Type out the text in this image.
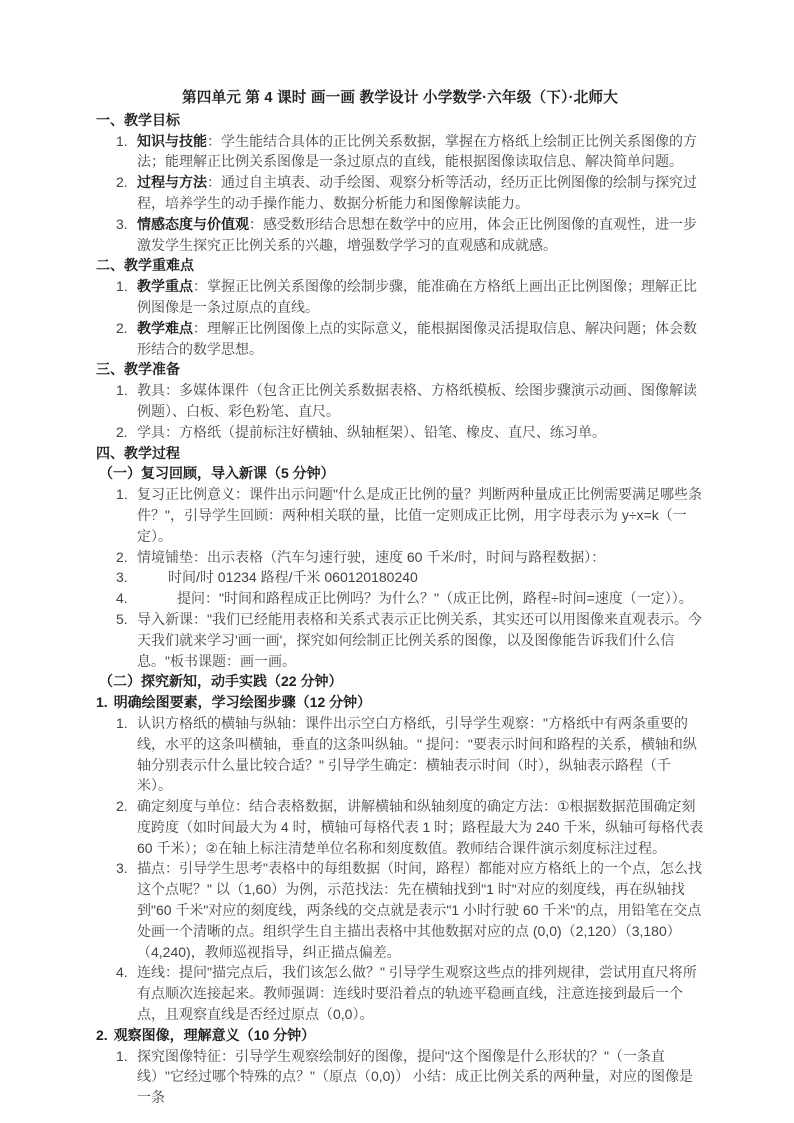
第四单元 第 4 课时 画一画 教学设计 小学数学·六年级（下）·北师大
一、教学目标
1. 知识与技能：学生能结合具体的正比例关系数据，掌握在方格纸上绘制正比例关系图像的方法；能理解正比例关系图像是一条过原点的直线，能根据图像读取信息、解决简单问题。
2. 过程与方法：通过自主填表、动手绘图、观察分析等活动，经历正比例图像的绘制与探究过程，培养学生的动手操作能力、数据分析能力和图像解读能力。
3. 情感态度与价值观：感受数形结合思想在数学中的应用，体会正比例图像的直观性，进一步激发学生探究正比例关系的兴趣，增强数学学习的直观感和成就感。
二、教学重难点
1. 教学重点：掌握正比例关系图像的绘制步骤，能准确在方格纸上画出正比例图像；理解正比例图像是一条过原点的直线。
2. 教学难点：理解正比例图像上点的实际意义，能根据图像灵活提取信息、解决问题；体会数形结合的数学思想。
三、教学准备
1. 教具：多媒体课件（包含正比例关系数据表格、方格纸模板、绘图步骤演示动画、图像解读例题）、白板、彩色粉笔、直尺。
2. 学具：方格纸（提前标注好横轴、纵轴框架）、铅笔、橡皮、直尺、练习单。
四、教学过程
（一）复习回顾，导入新课（5 分钟）
1. 复习正比例意义：课件出示问题"什么是成正比例的量？判断两种量成正比例需要满足哪些条件？"，引导学生回顾：两种相关联的量，比值一定则成正比例，用字母表示为 y÷x=k（一定）。
2. 情境铺垫：出示表格（汽车匀速行驶，速度 60 千米/时，时间与路程数据）：
3.	时间/时 01234 路程/千米 060120180240
4.	提问："时间和路程成正比例吗？为什么？"（成正比例，路程÷时间=速度（一定））。
5. 导入新课："我们已经能用表格和关系式表示正比例关系，其实还可以用图像来直观表示。今天我们就来学习'画一画'，探究如何绘制正比例关系的图像，以及图像能告诉我们什么信息。"板书课题：画一画。
（二）探究新知，动手实践（22 分钟）
1. 明确绘图要素，学习绘图步骤（12 分钟）
1. 认识方格纸的横轴与纵轴：课件出示空白方格纸，引导学生观察："方格纸中有两条重要的线，水平的这条叫横轴，垂直的这条叫纵轴。" 提问："要表示时间和路程的关系，横轴和纵轴分别表示什么量比较合适？" 引导学生确定：横轴表示时间（时），纵轴表示路程（千米）。
2. 确定刻度与单位：结合表格数据，讲解横轴和纵轴刻度的确定方法：①根据数据范围确定刻度跨度（如时间最大为 4 时，横轴可每格代表 1 时；路程最大为 240 千米，纵轴可每格代表 60 千米）；②在轴上标注清楚单位名称和刻度数值。教师结合课件演示刻度标注过程。
3. 描点：引导学生思考"表格中的每组数据（时间，路程）都能对应方格纸上的一个点，怎么找这个点呢？" 以（1,60）为例，示范找法：先在横轴找到"1 时"对应的刻度线，再在纵轴找到"60 千米"对应的刻度线，两条线的交点就是表示"1 小时行驶 60 千米"的点，用铅笔在交点处画一个清晰的点。组织学生自主描出表格中其他数据对应的点 (0,0)（2,120）（3,180）（4,240)，教师巡视指导，纠正描点偏差。
4. 连线：提问"描完点后，我们该怎么做？" 引导学生观察这些点的排列规律，尝试用直尺将所有点顺次连接起来。教师强调：连线时要沿着点的轨迹平稳画直线，注意连接到最后一个点，且观察直线是否经过原点（0,0）。
2. 观察图像，理解意义（10 分钟）
1. 探究图像特征：引导学生观察绘制好的图像，提问"这个图像是什么形状的？"（一条直线）"它经过哪个特殊的点？"（原点（0,0)） 小结：成正比例关系的两种量，对应的图像是一条
